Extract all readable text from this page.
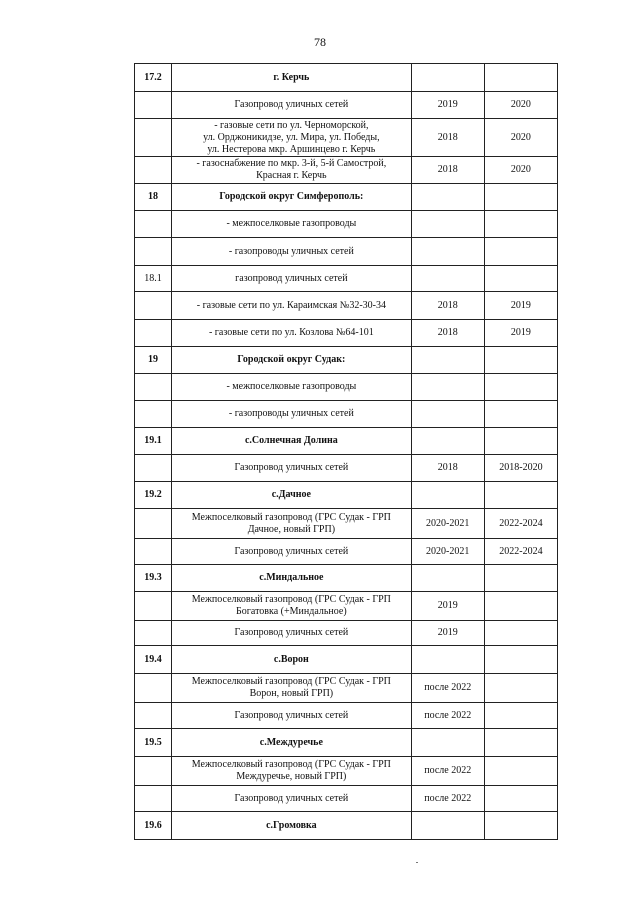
78
17.2	г. Керчь		
	Газопровод уличных сетей	2019	2020
	- газовые сети по ул. Черноморской,
ул. Орджоникидзе, ул. Мира, ул. Победы,
ул. Нестерова мкр. Аршинцево г. Керчь	2018	2020
	- газоснабжение по мкр. 3-й, 5-й Самострой,
Красная г. Керчь	2018	2020
18	Городской округ Симферополь:		
	- межпоселковые газопроводы		
	- газопроводы уличных сетей		
18.1	газопровод уличных сетей		
	- газовые сети по ул. Караимская №32-30-34	2018	2019
	- газовые сети по ул. Козлова №64-101	2018	2019
19	Городской округ Судак:		
	- межпоселковые газопроводы		
	- газопроводы уличных сетей		
19.1	с.Солнечная Долина		
	Газопровод уличных сетей	2018	2018-2020
19.2	с.Дачное		
	Межпоселковый газопровод (ГРС Судак - ГРП
Дачное, новый ГРП)	2020-2021	2022-2024
	Газопровод уличных сетей	2020-2021	2022-2024
19.3	с.Миндальное		
	Межпоселковый газопровод (ГРС Судак - ГРП
Богатовка (+Миндальное)	2019	
	Газопровод уличных сетей	2019	
19.4	с.Ворон		
	Межпоселковый газопровод (ГРС Судак - ГРП
Ворон, новый ГРП)	после 2022	
	Газопровод уличных сетей	после 2022	
19.5	с.Междуречье		
	Межпоселковый газопровод (ГРС Судак - ГРП
Междуречье, новый ГРП)	после 2022	
	Газопровод уличных сетей	после 2022	
19.6	с.Громовка		
